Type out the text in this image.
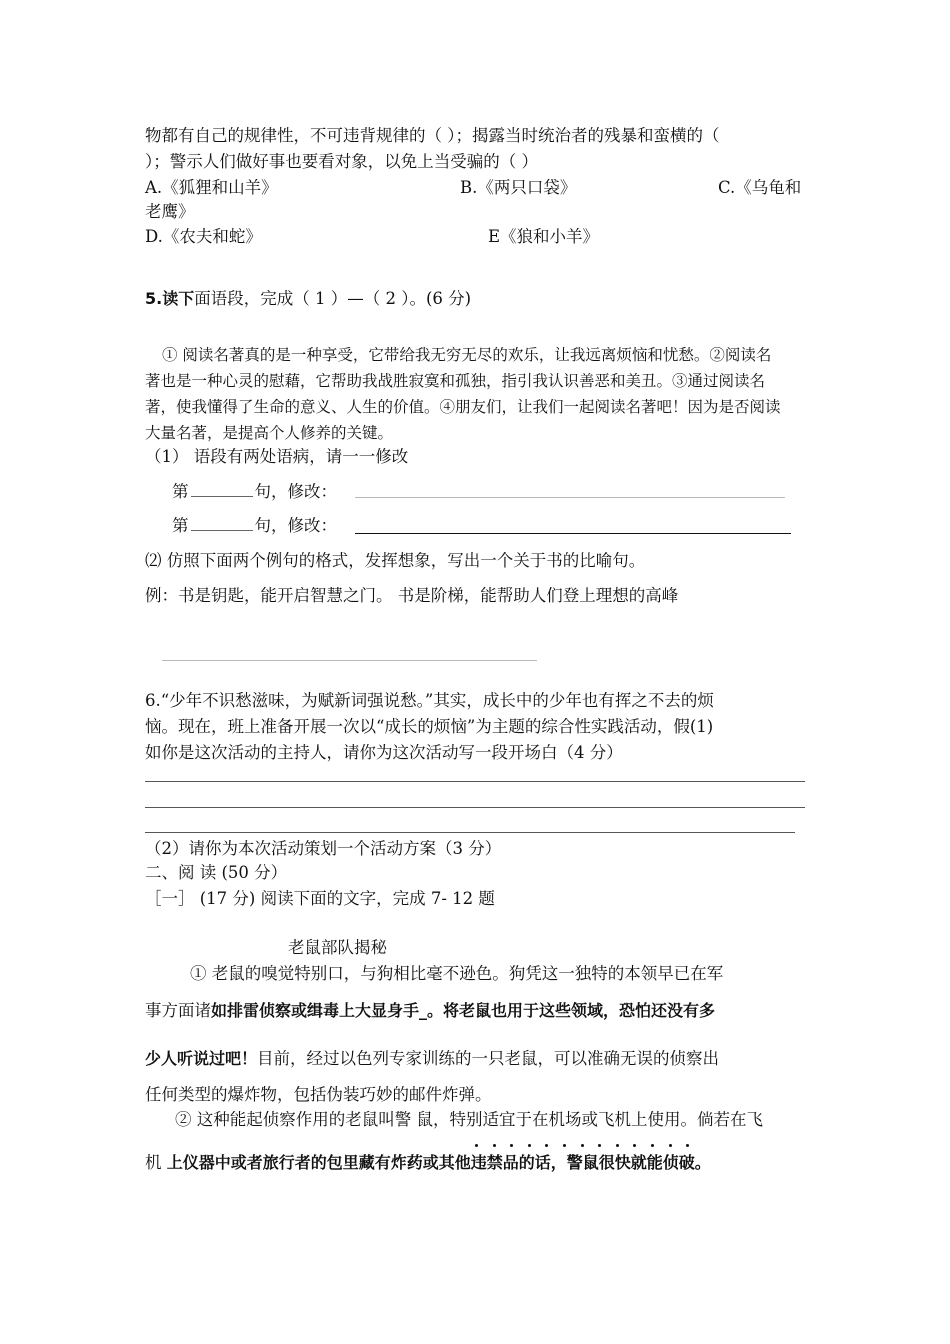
物都有自己的规律性，不可违背规律的（ ）；揭露当时统治者的残暴和蛮横的（
）；警示人们做好事也要看对象，以免上当受骗的（ ）
A.《狐狸和山羊》	B.《两只口袋》	C.《乌龟和
老鹰》
D.《农夫和蛇》	E《狼和小羊》
5.读下面语段，完成（ 1 ）—（ 2 ）。(6 分)
① 阅读名著真的是一种享受，它带给我无穷无尽的欢乐，让我远离烦恼和忧愁。②阅读名
著也是一种心灵的慰藉，它帮助我战胜寂寞和孤独，指引我认识善恶和美丑。③通过阅读名
著，使我懂得了生命的意义、人生的价值。④朋友们，让我们一起阅读名著吧！因为是否阅读
大量名著，是提高个人修养的关键。
（1） 语段有两处语病，请一一修改
第	句，修改：
第	句，修改：
⑵ 仿照下面两个例句的格式，发挥想象，写出一个关于书的比喻句。
例：书是钥匙，能开启智慧之门。 书是阶梯，能帮助人们登上理想的高峰
6.“少年不识愁滋味，为赋新词强说愁。”其实，成长中的少年也有挥之不去的烦
恼。现在，班上准备开展一次以“成长的烦恼”为主题的综合性实践活动，假(1)
如你是这次活动的主持人，请你为这次活动写一段开场白（4 分）
（2）请你为本次活动策划一个活动方案（3 分）
二、阅 读 (50 分）
［一］ (17 分) 阅读下面的文字，完成 7- 12 题
老鼠部队揭秘
① 老鼠的嗅觉特别口，与狗相比毫不逊色。狗凭这一独特的本领早已在军
事方面诸如排雷侦察或缉毒上大显身手_。将老鼠也用于这些领域，恐怕还没有多
少人听说过吧！目前，经过以色列专家训练的一只老鼠，可以准确无误的侦察出
任何类型的爆炸物，包括伪装巧妙的邮件炸弹。
② 这种能起侦察作用的老鼠叫警 鼠，特别适宜于在机场或飞机上使用。倘若在飞
机 上仪器中或者旅行者的包里藏有炸药或其他违禁品的话，警鼠很快就能侦破。
